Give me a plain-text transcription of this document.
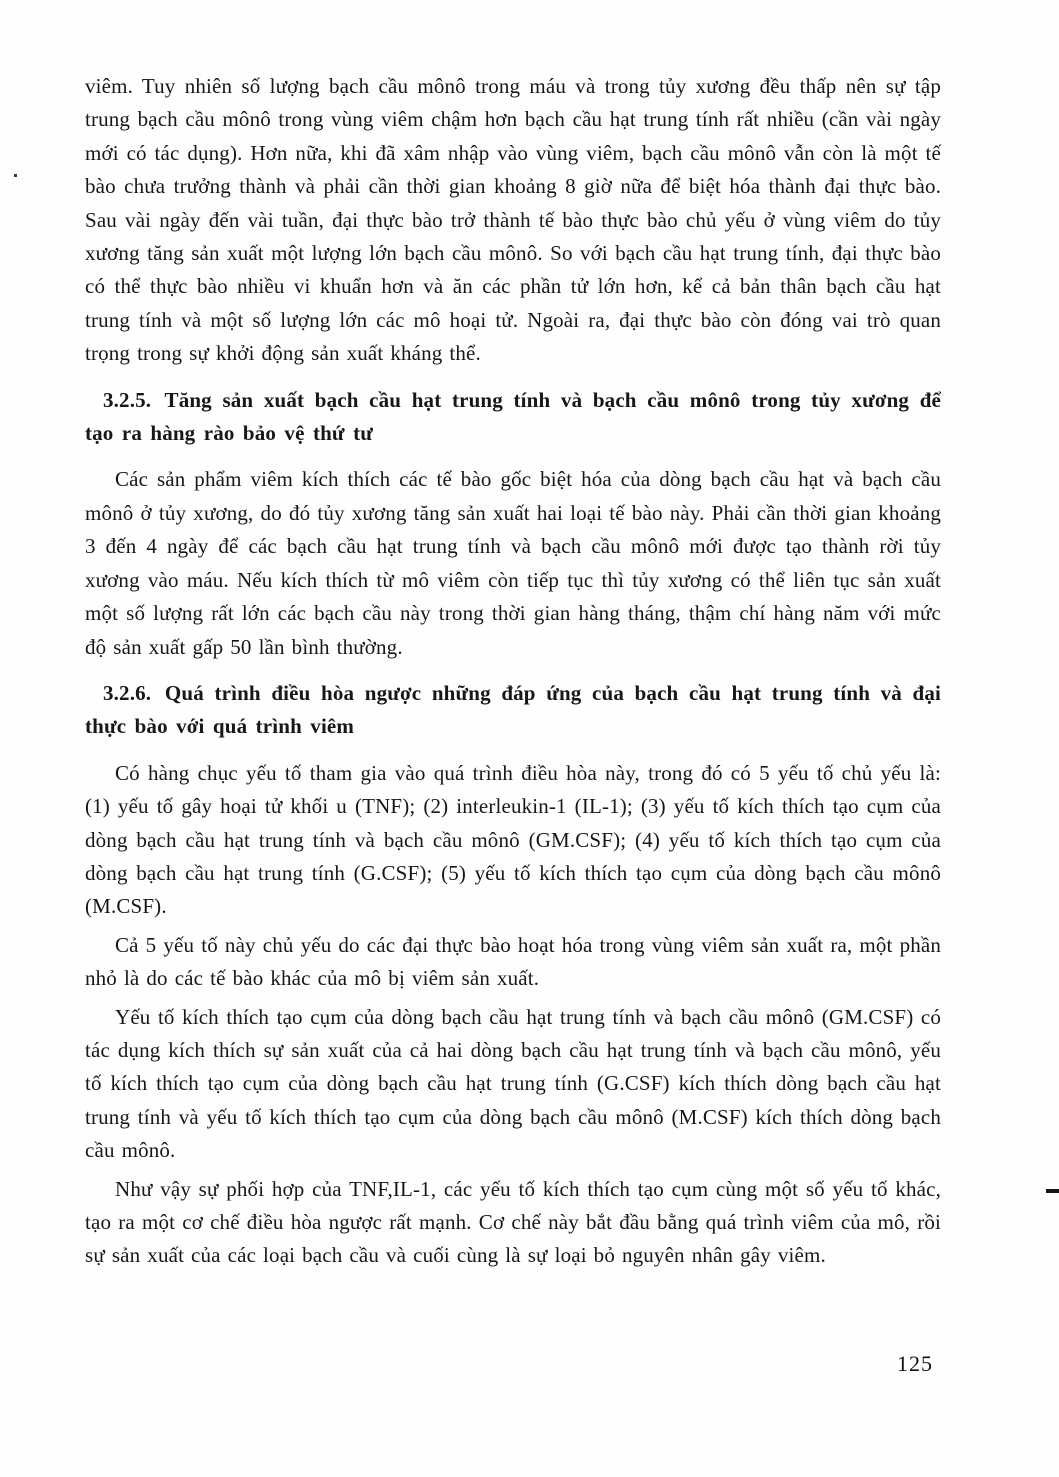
viêm. Tuy nhiên số lượng bạch cầu mônô trong máu và trong tủy xương đều thấp nên sự tập trung bạch cầu mônô trong vùng viêm chậm hơn bạch cầu hạt trung tính rất nhiều (cần vài ngày mới có tác dụng). Hơn nữa, khi đã xâm nhập vào vùng viêm, bạch cầu mônô vẫn còn là một tế bào chưa trưởng thành và phải cần thời gian khoảng 8 giờ nữa để biệt hóa thành đại thực bào. Sau vài ngày đến vài tuần, đại thực bào trở thành tế bào thực bào chủ yếu ở vùng viêm do tủy xương tăng sản xuất một lượng lớn bạch cầu mônô. So với bạch cầu hạt trung tính, đại thực bào có thể thực bào nhiều vi khuẩn hơn và ăn các phần tử lớn hơn, kể cả bản thân bạch cầu hạt trung tính và một số lượng lớn các mô hoại tử. Ngoài ra, đại thực bào còn đóng vai trò quan trọng trong sự khởi động sản xuất kháng thể.

3.2.5. Tăng sản xuất bạch cầu hạt trung tính và bạch cầu mônô trong tủy xương để tạo ra hàng rào bảo vệ thứ tư

Các sản phẩm viêm kích thích các tế bào gốc biệt hóa của dòng bạch cầu hạt và bạch cầu mônô ở tủy xương, do đó tủy xương tăng sản xuất hai loại tế bào này. Phải cần thời gian khoảng 3 đến 4 ngày để các bạch cầu hạt trung tính và bạch cầu mônô mới được tạo thành rời tủy xương vào máu. Nếu kích thích từ mô viêm còn tiếp tục thì tủy xương có thể liên tục sản xuất một số lượng rất lớn các bạch cầu này trong thời gian hàng tháng, thậm chí hàng năm với mức độ sản xuất gấp 50 lần bình thường.

3.2.6. Quá trình điều hòa ngược những đáp ứng của bạch cầu hạt trung tính và đại thực bào với quá trình viêm

Có hàng chục yếu tố tham gia vào quá trình điều hòa này, trong đó có 5 yếu tố chủ yếu là: (1) yếu tố gây hoại tử khối u (TNF); (2) interleukin-1 (IL-1); (3) yếu tố kích thích tạo cụm của dòng bạch cầu hạt trung tính và bạch cầu mônô (GM.CSF); (4) yếu tố kích thích tạo cụm của dòng bạch cầu hạt trung tính (G.CSF); (5) yếu tố kích thích tạo cụm của dòng bạch cầu mônô (M.CSF).

Cả 5 yếu tố này chủ yếu do các đại thực bào hoạt hóa trong vùng viêm sản xuất ra, một phần nhỏ là do các tế bào khác của mô bị viêm sản xuất.

Yếu tố kích thích tạo cụm của dòng bạch cầu hạt trung tính và bạch cầu mônô (GM.CSF) có tác dụng kích thích sự sản xuất của cả hai dòng bạch cầu hạt trung tính và bạch cầu mônô, yếu tố kích thích tạo cụm của dòng bạch cầu hạt trung tính (G.CSF) kích thích dòng bạch cầu hạt trung tính và yếu tố kích thích tạo cụm của dòng bạch cầu mônô (M.CSF) kích thích dòng bạch cầu mônô.

Như vậy sự phối hợp của TNF,IL-1, các yếu tố kích thích tạo cụm cùng một số yếu tố khác, tạo ra một cơ chế điều hòa ngược rất mạnh. Cơ chế này bắt đầu bằng quá trình viêm của mô, rồi sự sản xuất của các loại bạch cầu và cuối cùng là sự loại bỏ nguyên nhân gây viêm.

125
